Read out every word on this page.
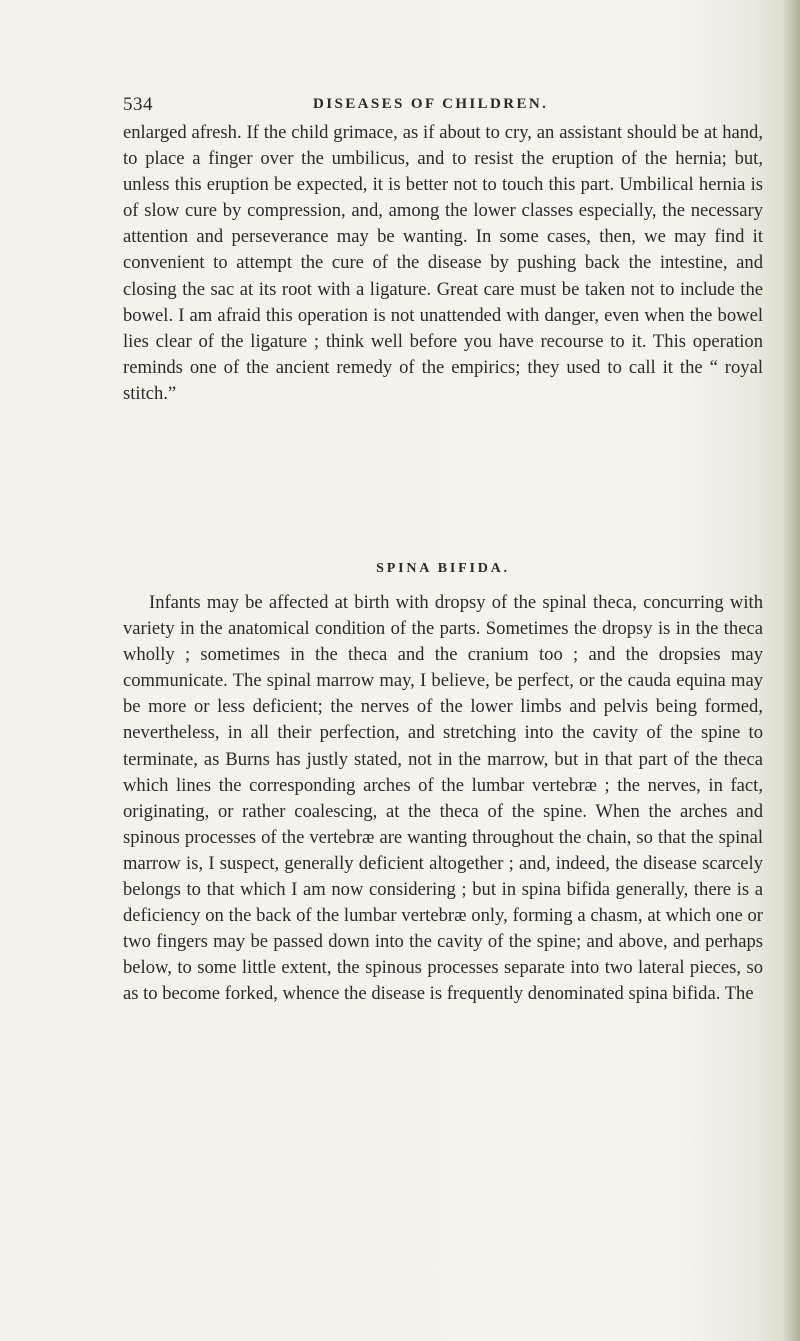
534	DISEASES OF CHILDREN.

enlarged afresh. If the child grimace, as if about to cry, an assistant should be at hand, to place a finger over the umbilicus, and to resist the eruption of the hernia; but, unless this eruption be expected, it is better not to touch this part. Umbilical hernia is of slow cure by compression, and, among the lower classes especially, the necessary attention and perseverance may be wanting. In some cases, then, we may find it convenient to attempt the cure of the disease by pushing back the intestine, and closing the sac at its root with a ligature. Great care must be taken not to include the bowel. I am afraid this operation is not unattended with danger, even when the bowel lies clear of the ligature ; think well before you have recourse to it. This operation reminds one of the ancient remedy of the empirics; they used to call it the “ royal stitch.”

SPINA BIFIDA.

Infants may be affected at birth with dropsy of the spinal theca, concurring with variety in the anatomical condition of the parts. Sometimes the dropsy is in the theca wholly ; sometimes in the theca and the cranium too ; and the dropsies may communicate. The spinal marrow may, I believe, be perfect, or the cauda equina may be more or less deficient; the nerves of the lower limbs and pelvis being formed, nevertheless, in all their perfection, and stretching into the cavity of the spine to terminate, as Burns has justly stated, not in the marrow, but in that part of the theca which lines the corresponding arches of the lumbar vertebræ ; the nerves, in fact, originating, or rather coalescing, at the theca of the spine. When the arches and spinous processes of the vertebræ are wanting throughout the chain, so that the spinal marrow is, I suspect, generally deficient altogether ; and, indeed, the disease scarcely belongs to that which I am now considering ; but in spina bifida generally, there is a deficiency on the back of the lumbar vertebræ only, forming a chasm, at which one or two fingers may be passed down into the cavity of the spine; and above, and perhaps below, to some little extent, the spinous processes separate into two lateral pieces, so as to become forked, whence the disease is frequently denominated spina bifida. The
